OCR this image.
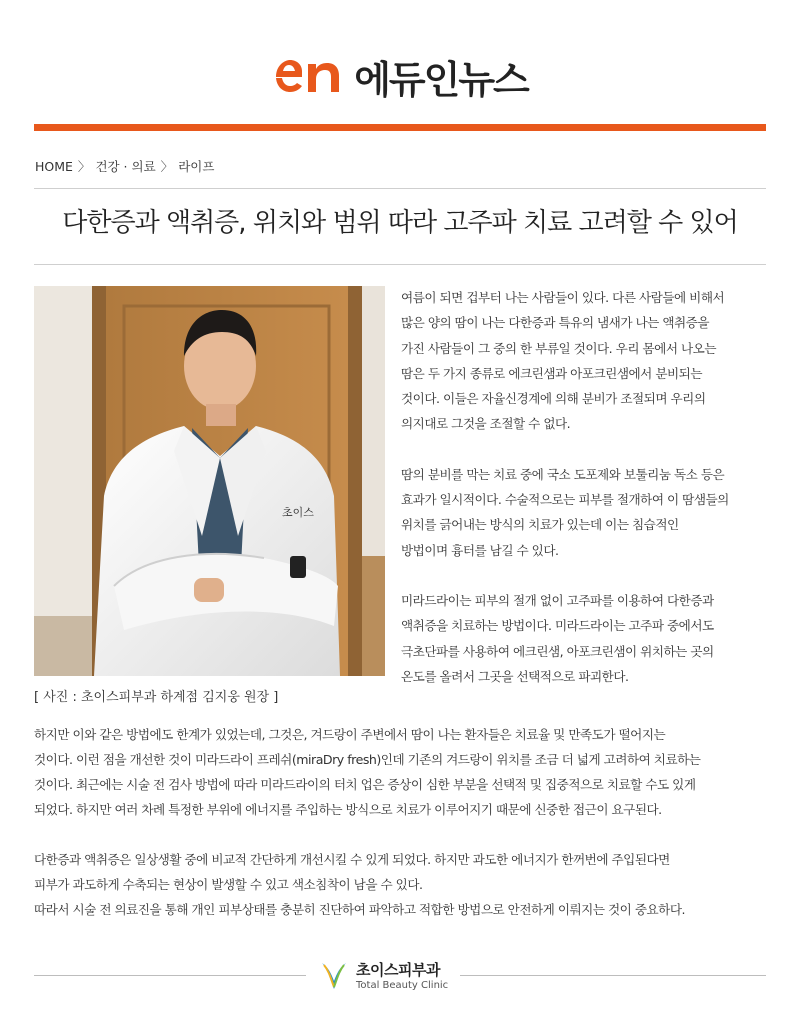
에듀인뉴스
HOME 〉 건강 · 의료 〉 라이프
다한증과 액취증, 위치와 범위 따라 고주파 치료 고려할 수 있어
초이스
[ 사진 : 초이스피부과 하계점 김지웅 원장 ]

여름이 되면 겁부터 나는 사람들이 있다. 다른 사람들에 비해서
많은 양의 땀이 나는 다한증과 특유의 냄새가 나는 액취증을
가진 사람들이 그 중의 한 부류일 것이다. 우리 몸에서 나오는
땀은 두 가지 종류로 에크린샘과 아포크린샘에서 분비되는
것이다. 이들은 자율신경계에 의해 분비가 조절되며 우리의
의지대로 그것을 조절할 수 없다.

땀의 분비를 막는 치료 중에 국소 도포제와 보툴리눔 독소 등은
효과가 일시적이다. 수술적으로는 피부를 절개하여 이 땀샘들의
위치를 긁어내는 방식의 치료가 있는데 이는 침습적인
방법이며 흉터를 남길 수 있다.

미라드라이는 피부의 절개 없이 고주파를 이용하여 다한증과
액취증을 치료하는 방법이다. 미라드라이는 고주파 중에서도
극초단파를 사용하여 에크린샘, 아포크린샘이 위치하는 곳의
온도를 올려서 그곳을 선택적으로 파괴한다.

하지만 이와 같은 방법에도 한계가 있었는데, 그것은, 겨드랑이 주변에서 땀이 나는 환자들은 치료율 및 만족도가 떨어지는
것이다. 이런 점을 개선한 것이 미라드라이 프레쉬(miraDry fresh)인데 기존의 겨드랑이 위치를 조금 더 넓게 고려하여 치료하는
것이다. 최근에는 시술 전 검사 방법에 따라 미라드라이의 터치 업은 증상이 심한 부분을 선택적 및 집중적으로 치료할 수도 있게
되었다. 하지만 여러 차례 특정한 부위에 에너지를 주입하는 방식으로 치료가 이루어지기 때문에 신중한 접근이 요구된다.

다한증과 액취증은 일상생활 중에 비교적 간단하게 개선시킬 수 있게 되었다. 하지만 과도한 에너지가 한꺼번에 주입된다면
피부가 과도하게 수축되는 현상이 발생할 수 있고 색소침착이 남을 수 있다.
따라서 시술 전 의료진을 통해 개인 피부상태를 충분히 진단하여 파악하고 적합한 방법으로 안전하게 이뤄지는 것이 중요하다.

초이스피부과
Total Beauty Clinic
